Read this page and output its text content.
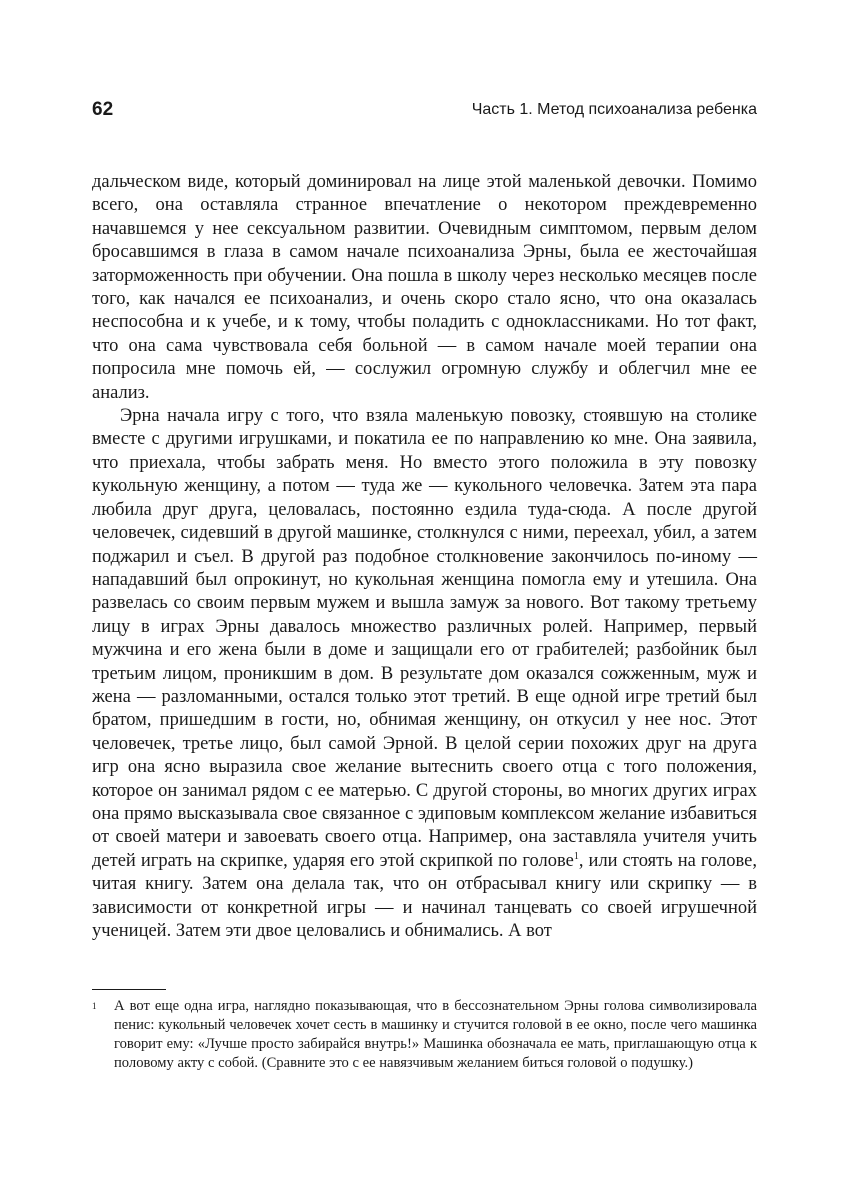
62	Часть 1. Метод психоанализа ребенка

дальческом виде, который доминировал на лице этой маленькой девочки. Помимо всего, она оставляла странное впечатление о некотором преждевременно начавшемся у нее сексуальном развитии. Очевидным симптомом, первым делом бросавшимся в глаза в самом начале психоанализа Эрны, была ее жесточайшая заторможенность при обучении. Она пошла в школу через несколько месяцев после того, как начался ее психоанализ, и очень скоро стало ясно, что она оказалась неспособна и к учебе, и к тому, чтобы поладить с одноклассниками. Но тот факт, что она сама чувствовала себя больной — в самом начале моей терапии она попросила мне помочь ей, — сослужил огромную службу и облегчил мне ее анализ.

Эрна начала игру с того, что взяла маленькую повозку, стоявшую на столике вместе с другими игрушками, и покатила ее по направлению ко мне. Она заявила, что приехала, чтобы забрать меня. Но вместо этого положила в эту повозку кукольную женщину, а потом — туда же — кукольного человечка. Затем эта пара любила друг друга, целовалась, постоянно ездила туда-сюда. А после другой человечек, сидевший в другой машинке, столкнулся с ними, переехал, убил, а затем поджарил и съел. В другой раз подобное столкновение закончилось по-иному — нападавший был опрокинут, но кукольная женщина помогла ему и утешила. Она развелась со своим первым мужем и вышла замуж за нового. Вот такому третьему лицу в играх Эрны давалось множество различных ролей. Например, первый мужчина и его жена были в доме и защищали его от грабителей; разбойник был третьим лицом, проникшим в дом. В результате дом оказался сожженным, муж и жена — разломанными, остался только этот третий. В еще одной игре третий был братом, пришедшим в гости, но, обнимая женщину, он откусил у нее нос. Этот человечек, третье лицо, был самой Эрной. В целой серии похожих друг на друга игр она ясно выразила свое желание вытеснить своего отца с того положения, которое он занимал рядом с ее матерью. С другой стороны, во многих других играх она прямо высказывала свое связанное с эдиповым комплексом желание избавиться от своей матери и завоевать своего отца. Например, она заставляла учителя учить детей играть на скрипке, ударяя его этой скрипкой по голове$^1$, или стоять на голове, читая книгу. Затем она делала так, что он отбрасывал книгу или скрипку — в зависимости от конкретной игры — и начинал танцевать со своей игрушечной ученицей. Затем эти двое целовались и обнимались. А вот

1 А вот еще одна игра, наглядно показывающая, что в бессознательном Эрны голова символизировала пенис: кукольный человечек хочет сесть в машинку и стучится головой в ее окно, после чего машинка говорит ему: «Лучше просто забирайся внутрь!» Машинка обозначала ее мать, приглашающую отца к половому акту с собой. (Сравните это с ее навязчивым желанием биться головой о подушку.)
